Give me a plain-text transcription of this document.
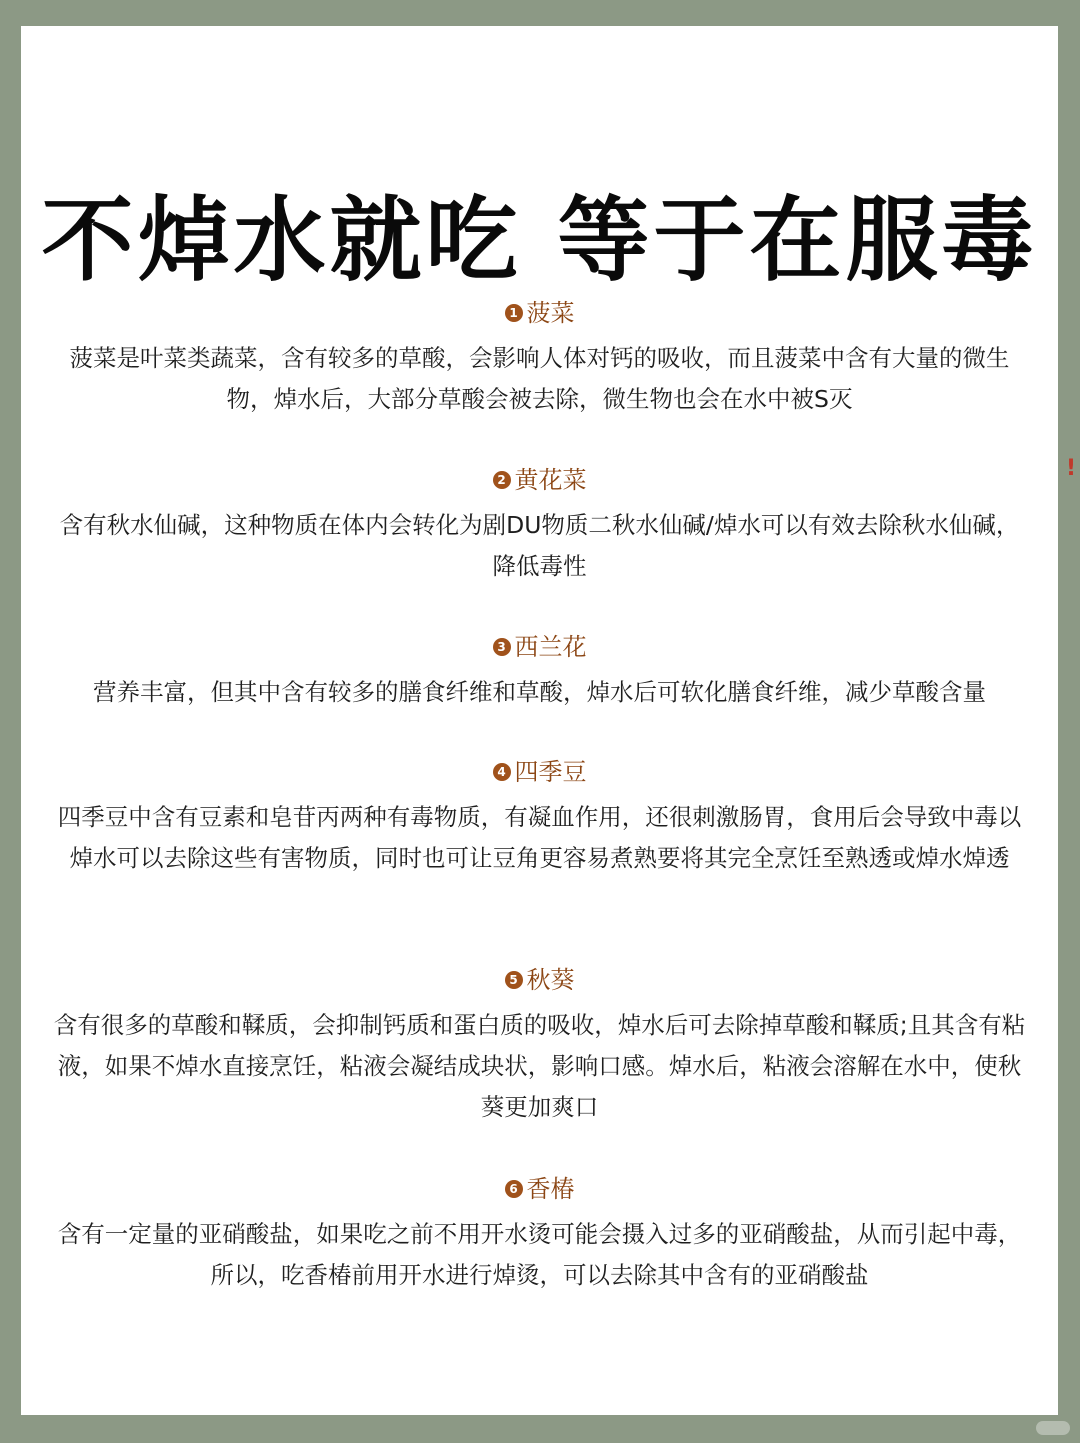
不焯水就吃 等于在服毒
1 菠菜
菠菜是叶菜类蔬菜，含有较多的草酸，会影响人体对钙的吸收，而且菠菜中含有大量的微生物，焯水后，大部分草酸会被去除，微生物也会在水中被S灭
2 黄花菜
含有秋水仙碱，这种物质在体内会转化为剧DU物质二秋水仙碱/焯水可以有效去除秋水仙碱，降低毒性
3 西兰花
营养丰富，但其中含有较多的膳食纤维和草酸，焯水后可软化膳食纤维，减少草酸含量
4 四季豆
四季豆中含有豆素和皂苷丙两种有毒物质，有凝血作用，还很刺激肠胃，食用后会导致中毒以焯水可以去除这些有害物质，同时也可让豆角更容易煮熟要将其完全烹饪至熟透或焯水焯透
5 秋葵
含有很多的草酸和鞣质，会抑制钙质和蛋白质的吸收，焯水后可去除掉草酸和鞣质;且其含有粘液，如果不焯水直接烹饪，粘液会凝结成块状，影响口感。焯水后，粘液会溶解在水中，使秋葵更加爽口
6 香椿
含有一定量的亚硝酸盐，如果吃之前不用开水烫可能会摄入过多的亚硝酸盐，从而引起中毒，所以，吃香椿前用开水进行焯烫，可以去除其中含有的亚硝酸盐
!
